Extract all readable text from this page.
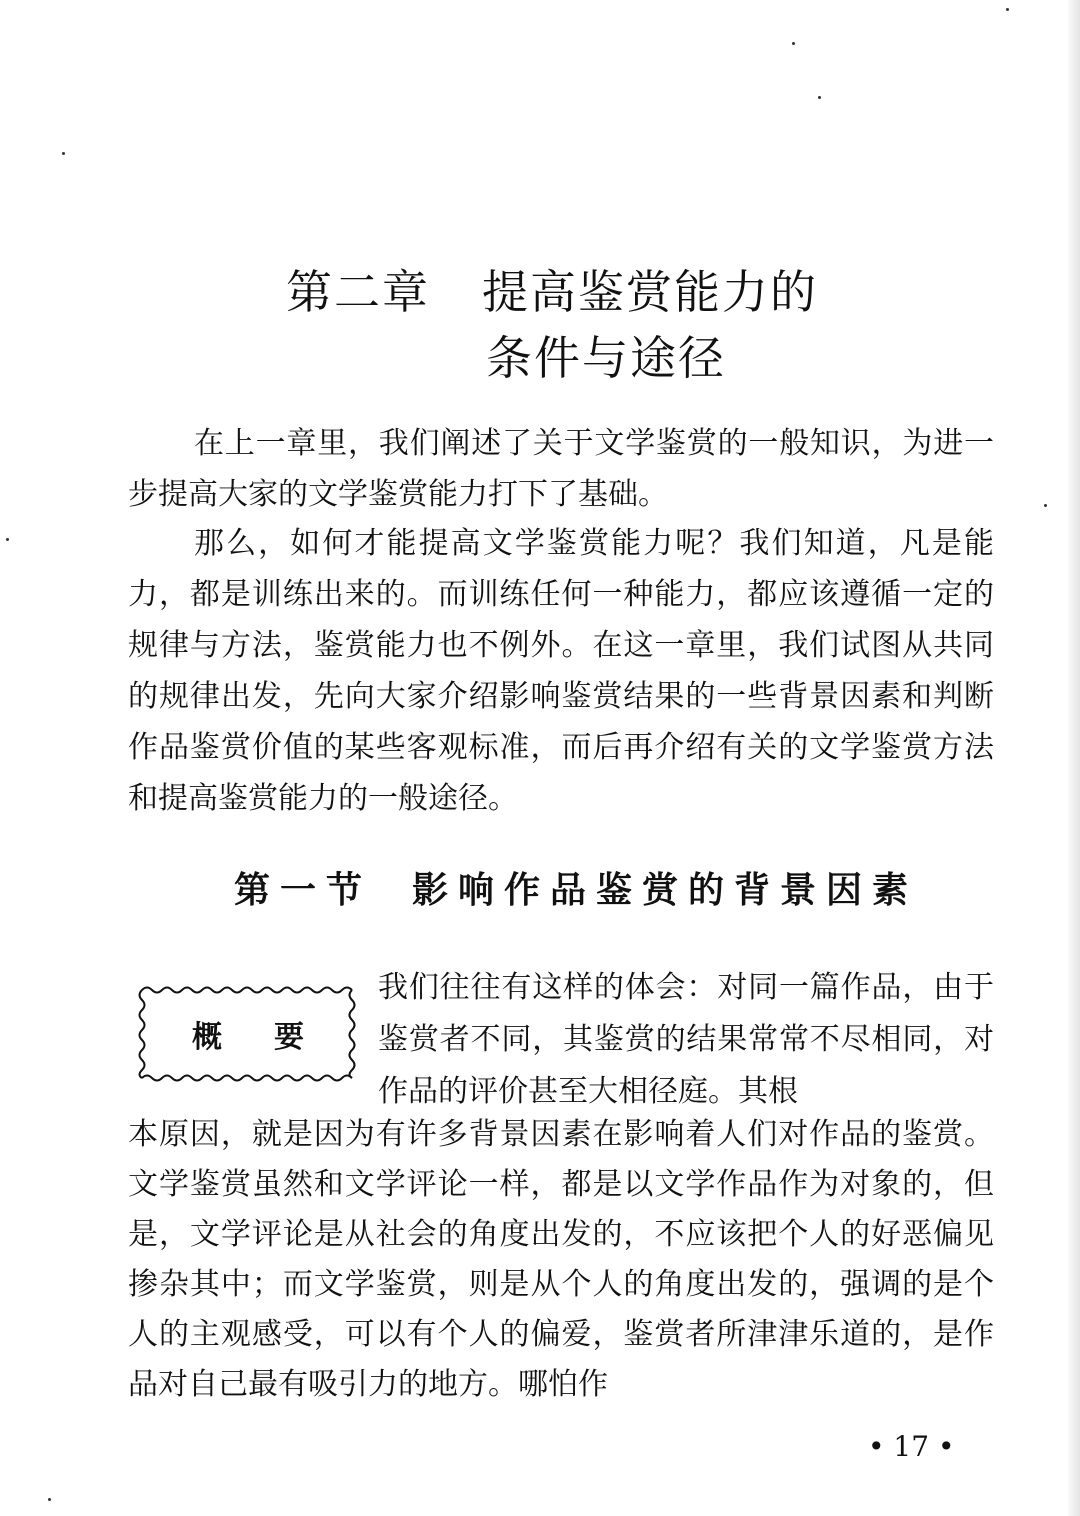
第二章 提高鉴赏能力的
条件与途径
在上一章里，我们阐述了关于文学鉴赏的一般知识，为进一步提高大家的文学鉴赏能力打下了基础。
那么，如何才能提高文学鉴赏能力呢？我们知道，凡是能力，都是训练出来的。而训练任何一种能力，都应该遵循一定的规律与方法，鉴赏能力也不例外。在这一章里，我们试图从共同的规律出发，先向大家介绍影响鉴赏结果的一些背景因素和判断作品鉴赏价值的某些客观标准，而后再介绍有关的文学鉴赏方法和提高鉴赏能力的一般途径。
第一节 影响作品鉴赏的背景因素
概要
我们往往有这样的体会：对同一篇作品，由于鉴赏者不同，其鉴赏的结果常常不尽相同，对作品的评价甚至大相径庭。其根
本原因，就是因为有许多背景因素在影响着人们对作品的鉴赏。文学鉴赏虽然和文学评论一样，都是以文学作品作为对象的，但是，文学评论是从社会的角度出发的，不应该把个人的好恶偏见掺杂其中；而文学鉴赏，则是从个人的角度出发的，强调的是个人的主观感受，可以有个人的偏爱，鉴赏者所津津乐道的，是作品对自己最有吸引力的地方。哪怕作
• 17 •
